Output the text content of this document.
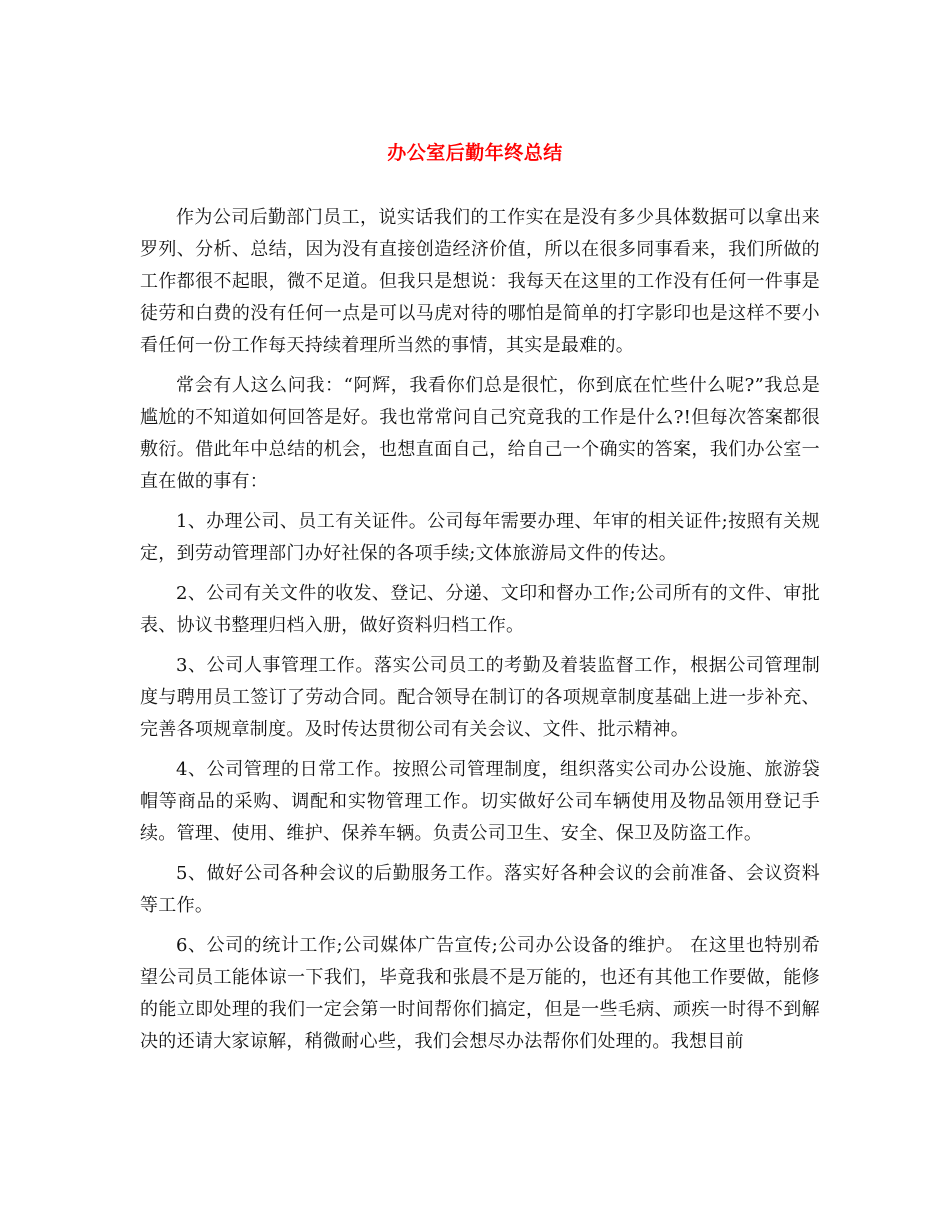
办公室后勤年终总结

作为公司后勤部门员工，说实话我们的工作实在是没有多少具体数据可以拿出来罗列、分析、总结，因为没有直接创造经济价值，所以在很多同事看来，我们所做的工作都很不起眼，微不足道。但我只是想说：我每天在这里的工作没有任何一件事是徒劳和白费的没有任何一点是可以马虎对待的哪怕是简单的打字影印也是这样不要小看任何一份工作每天持续着理所当然的事情，其实是最难的。

常会有人这么问我：“阿辉，我看你们总是很忙，你到底在忙些什么呢?”我总是尴尬的不知道如何回答是好。我也常常问自己究竟我的工作是什么?!但每次答案都很敷衍。借此年中总结的机会，也想直面自己，给自己一个确实的答案，我们办公室一直在做的事有：

1、办理公司、员工有关证件。公司每年需要办理、年审的相关证件;按照有关规定，到劳动管理部门办好社保的各项手续;文体旅游局文件的传达。

2、公司有关文件的收发、登记、分递、文印和督办工作;公司所有的文件、审批表、协议书整理归档入册，做好资料归档工作。

3、公司人事管理工作。落实公司员工的考勤及着装监督工作，根据公司管理制度与聘用员工签订了劳动合同。配合领导在制订的各项规章制度基础上进一步补充、完善各项规章制度。及时传达贯彻公司有关会议、文件、批示精神。

4、公司管理的日常工作。按照公司管理制度，组织落实公司办公设施、旅游袋帽等商品的采购、调配和实物管理工作。切实做好公司车辆使用及物品领用登记手续。管理、使用、维护、保养车辆。负责公司卫生、安全、保卫及防盗工作。

5、做好公司各种会议的后勤服务工作。落实好各种会议的会前准备、会议资料等工作。

6、公司的统计工作;公司媒体广告宣传;公司办公设备的维护。 在这里也特别希望公司员工能体谅一下我们，毕竟我和张晨不是万能的，也还有其他工作要做，能修的能立即处理的我们一定会第一时间帮你们搞定，但是一些毛病、顽疾一时得不到解决的还请大家谅解，稍微耐心些，我们会想尽办法帮你们处理的。我想目前
